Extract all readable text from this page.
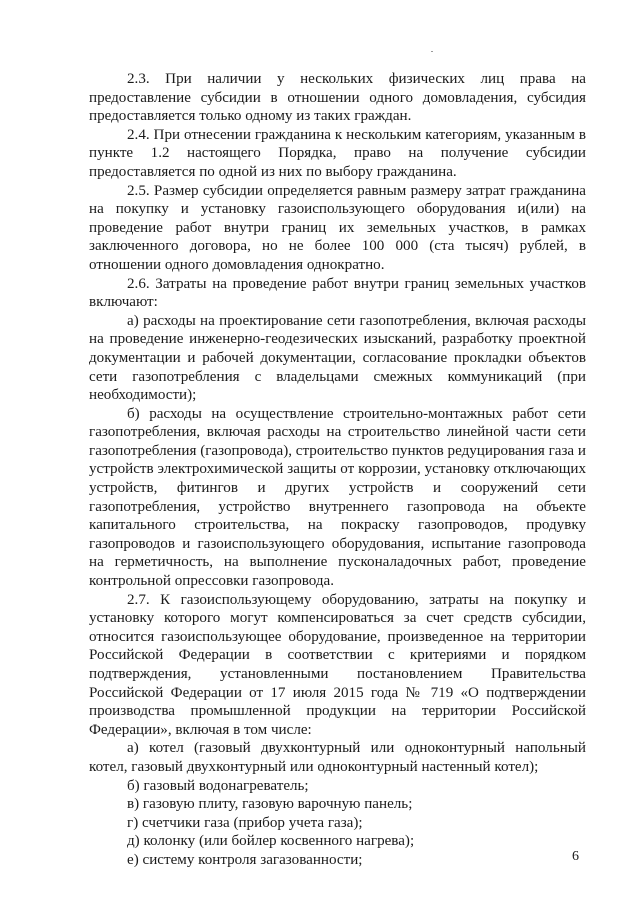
2.3. При наличии у нескольких физических лиц права на предоставление субсидии в отношении одного домовладения, субсидия предоставляется только одному из таких граждан.

2.4. При отнесении гражданина к нескольким категориям, указанным в пункте 1.2 настоящего Порядка, право на получение субсидии предоставляется по одной из них по выбору гражданина.

2.5. Размер субсидии определяется равным размеру затрат гражданина на покупку и установку газоиспользующего оборудования и(или) на проведение работ внутри границ их земельных участков, в рамках заключенного договора, но не более 100 000 (ста тысяч) рублей, в отношении одного домовладения однократно.

2.6. Затраты на проведение работ внутри границ земельных участков включают:

а) расходы на проектирование сети газопотребления, включая расходы на проведение инженерно-геодезических изысканий, разработку проектной документации и рабочей документации, согласование прокладки объектов сети газопотребления с владельцами смежных коммуникаций (при необходимости);

б) расходы на осуществление строительно-монтажных работ сети газопотребления, включая расходы на строительство линейной части сети газопотребления (газопровода), строительство пунктов редуцирования газа и устройств электрохимической защиты от коррозии, установку отключающих устройств, фитингов и других устройств и сооружений сети газопотребления, устройство внутреннего газопровода на объекте капитального строительства, на покраску газопроводов, продувку газопроводов и газоиспользующего оборудования, испытание газопровода на герметичность, на выполнение пусконаладочных работ, проведение контрольной опрессовки газопровода.

2.7. К газоиспользующему оборудованию, затраты на покупку и установку которого могут компенсироваться за счет средств субсидии, относится газоиспользующее оборудование, произведенное на территории Российской Федерации в соответствии с критериями и порядком подтверждения, установленными постановлением Правительства Российской Федерации от 17 июля 2015 года № 719 «О подтверждении производства промышленной продукции на территории Российской Федерации», включая в том числе:

а) котел (газовый двухконтурный или одноконтурный напольный котел, газовый двухконтурный или одноконтурный настенный котел);

б) газовый водонагреватель;

в) газовую плиту, газовую варочную панель;

г) счетчики газа (прибор учета газа);

д) колонку (или бойлер косвенного нагрева);

е) систему контроля загазованности;	6
